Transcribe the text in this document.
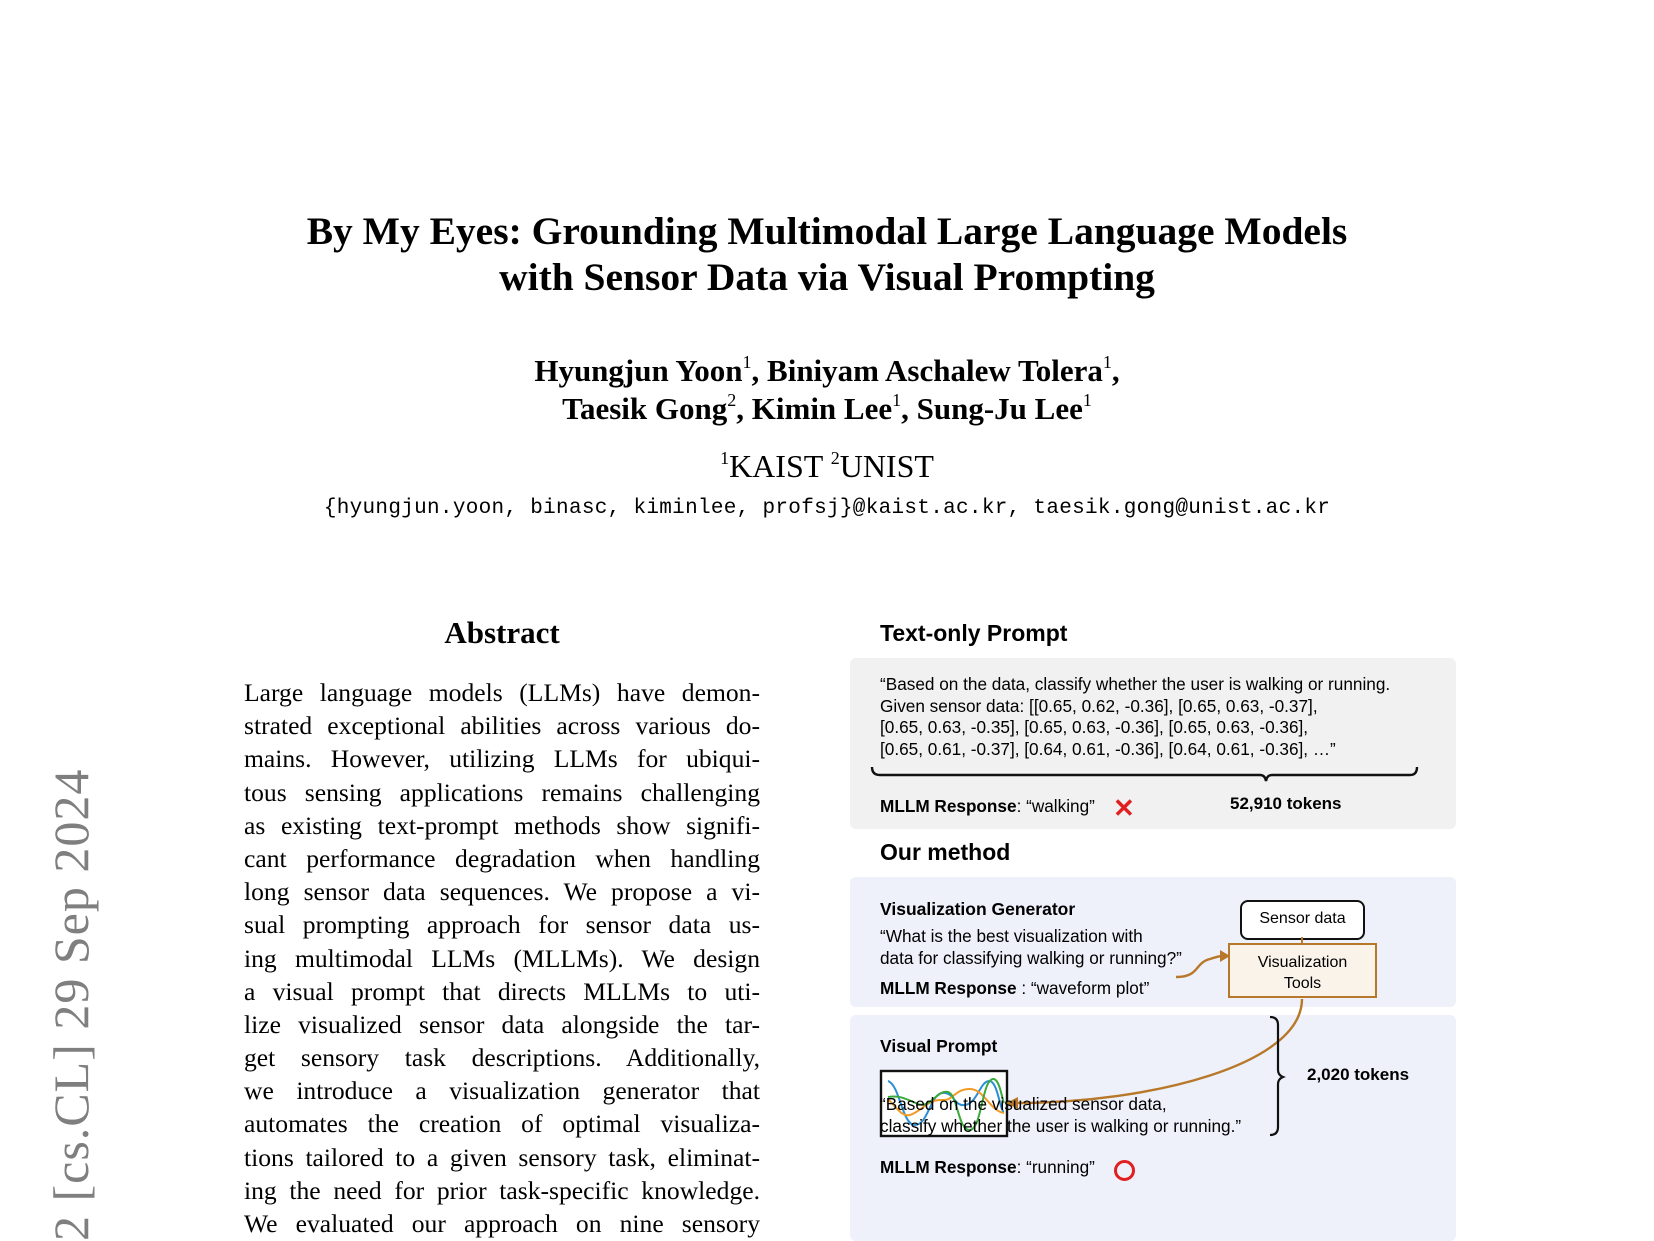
2 [cs.CL] 29 Sep 2024
By My Eyes: Grounding Multimodal Large Language Models
with Sensor Data via Visual Prompting
Hyungjun Yoon$^1$, Biniyam Aschalew Tolera$^1$,
Taesik Gong$^2$, Kimin Lee$^1$, Sung-Ju Lee$^1$
$^1$KAIST $^2$UNIST
{hyungjun.yoon, binasc, kiminlee, profsj}@kaist.ac.kr, taesik.gong@unist.ac.kr
Abstract
Large language models (LLMs) have demon-
strated exceptional abilities across various do-
mains. However, utilizing LLMs for ubiqui-
tous sensing applications remains challenging
as existing text-prompt methods show signifi-
cant performance degradation when handling
long sensor data sequences. We propose a vi-
sual prompting approach for sensor data us-
ing multimodal LLMs (MLLMs). We design
a visual prompt that directs MLLMs to uti-
lize visualized sensor data alongside the tar-
get sensory task descriptions. Additionally,
we introduce a visualization generator that
automates the creation of optimal visualiza-
tions tailored to a given sensory task, eliminat-
ing the need for prior task-specific knowledge.
We evaluated our approach on nine sensory
Text-only Prompt
“Based on the data, classify whether the user is walking or running.
Given sensor data: [[0.65, 0.62, -0.36], [0.65, 0.63, -0.37],
[0.65, 0.63, -0.35], [0.65, 0.63, -0.36], [0.65, 0.63, -0.36],
[0.65, 0.61, -0.37], [0.64, 0.61, -0.36], [0.64, 0.61, -0.36], …”
MLLM Response: “walking” ✕	52,910 tokens
Our method
Visualization Generator
“What is the best visualization with
data for classifying walking or running?”
MLLM Response : “waveform plot”
Sensor data
Visualization
Tools
Visual Prompt
2,020 tokens
“Based on the visualized sensor data,
classify whether the user is walking or running.”
MLLM Response: “running”
